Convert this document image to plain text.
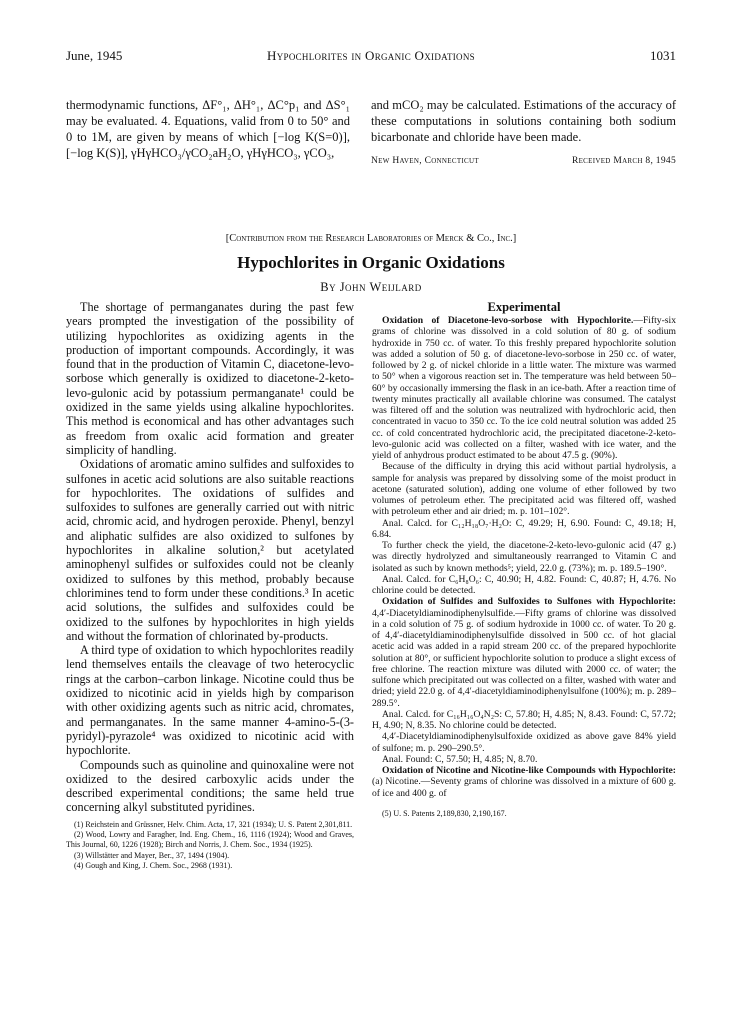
June, 1945	Hypochlorites in Organic Oxidations	1031
thermodynamic functions, ΔF°₁, ΔH°₁, ΔC°p₁ and ΔS°₁ may be evaluated. 4. Equations, valid from 0 to 50° and 0 to 1M, are given by means of which [−log K(S=0)], [−log K(S)], γHγHCO₃/γCO₂aH₂O, γHγHCO₃, γCO₃,
and mCO₂ may be calculated. Estimations of the accuracy of these computations in solutions containing both sodium bicarbonate and chloride have been made.
New Haven, Connecticut	Received March 8, 1945
[Contribution from the Research Laboratories of Merck & Co., Inc.]
Hypochlorites in Organic Oxidations
By John Weijlard

The shortage of permanganates during the past few years prompted the investigation of the possibility of utilizing hypochlorites as oxidizing agents in the production of important compounds. Accordingly, it was found that in the production of Vitamin C, diacetone-levo-sorbose which generally is oxidized to diacetone-2-keto-levo-gulonic acid by potassium permanganate¹ could be oxidized in the same yields using alkaline hypochlorites. This method is economical and has other advantages such as freedom from oxalic acid formation and greater simplicity of handling.

Oxidations of aromatic amino sulfides and sulfoxides to sulfones in acetic acid solutions are also suitable reactions for hypochlorites. The oxidations of sulfides and sulfoxides to sulfones are generally carried out with nitric acid, chromic acid, and hydrogen peroxide. Phenyl, benzyl and aliphatic sulfides are also oxidized to sulfones by hypochlorites in alkaline solution,² but acetylated aminophenyl sulfides or sulfoxides could not be cleanly oxidized to sulfones by this method, probably because chlorimines tend to form under these conditions.³ In acetic acid solutions, the sulfides and sulfoxides could be oxidized to the sulfones by hypochlorites in high yields and without the formation of chlorinated by-products.

A third type of oxidation to which hypochlorites readily lend themselves entails the cleavage of two heterocyclic rings at the carbon–carbon linkage. Nicotine could thus be oxidized to nicotinic acid in yields high by comparison with other oxidizing agents such as nitric acid, chromates, and permanganates. In the same manner 4-amino-5-(3-pyridyl)-pyrazole⁴ was oxidized to nicotinic acid with hypochlorite.

Compounds such as quinoline and quinoxaline were not oxidized to the desired carboxylic acids under the described experimental conditions; the same held true concerning alkyl substituted pyridines.

(1) Reichstein and Grüssner, Helv. Chim. Acta, 17, 321 (1934); U. S. Patent 2,301,811.
(2) Wood, Lowry and Faragher, Ind. Eng. Chem., 16, 1116 (1924); Wood and Graves, This Journal, 60, 1226 (1928); Birch and Norris, J. Chem. Soc., 1934 (1925).
(3) Willstätter and Mayer, Ber., 37, 1494 (1904).
(4) Gough and King, J. Chem. Soc., 2968 (1931).
Experimental

Oxidation of Diacetone-levo-sorbose with Hypochlorite.—Fifty-six grams of chlorine was dissolved in a cold solution of 80 g. of sodium hydroxide in 750 cc. of water. To this freshly prepared hypochlorite solution was added a solution of 50 g. of diacetone-levo-sorbose in 250 cc. of water, followed by 2 g. of nickel chloride in a little water. The mixture was warmed to 50° when a vigorous reaction set in. The temperature was held between 50–60° by occasionally immersing the flask in an ice-bath. After a reaction time of twenty minutes practically all available chlorine was consumed. The catalyst was filtered off and the solution was neutralized with hydrochloric acid, then concentrated in vacuo to 350 cc. To the ice cold neutral solution was added 25 cc. of cold concentrated hydrochloric acid, the precipitated diacetone-2-keto-levo-gulonic acid was collected on a filter, washed with ice water, and the yield of anhydrous product estimated to be about 47.5 g. (90%).

Because of the difficulty in drying this acid without partial hydrolysis, a sample for analysis was prepared by dissolving some of the moist product in acetone (saturated solution), adding one volume of ether followed by two volumes of petroleum ether. The precipitated acid was filtered off, washed with petroleum ether and air dried; m. p. 101–102°.

Anal. Calcd. for C₁₂H₁₈O₇·H₂O: C, 49.29; H, 6.90. Found: C, 49.18; H, 6.84.

To further check the yield, the diacetone-2-keto-levo-gulonic acid (47 g.) was directly hydrolyzed and simultaneously rearranged to Vitamin C and isolated as such by known methods⁵; yield, 22.0 g. (73%); m. p. 189.5–190°.

Anal. Calcd. for C₆H₈O₆: C, 40.90; H, 4.82. Found: C, 40.87; H, 4.76. No chlorine could be detected.

Oxidation of Sulfides and Sulfoxides to Sulfones with Hypochlorite: 4,4′-Diacetyldiaminodiphenylsulfide.—Fifty grams of chlorine was dissolved in a cold solution of 75 g. of sodium hydroxide in 1000 cc. of water. To 20 g. of 4,4′-diacetyldiaminodiphenylsulfide dissolved in 500 cc. of hot glacial acetic acid was added in a rapid stream 200 cc. of the prepared hypochlorite solution at 80°, or sufficient hypochlorite solution to produce a slight excess of free chlorine. The reaction mixture was diluted with 2000 cc. of water; the sulfone which precipitated out was collected on a filter, washed with water and dried; yield 22.0 g. of 4,4′-diacetyldiaminodiphenylsulfone (100%); m. p. 289–289.5°.

Anal. Calcd. for C₁₆H₁₆O₄N₂S: C, 57.80; H, 4.85; N, 8.43. Found: C, 57.72; H, 4.90; N, 8.35. No chlorine could be detected.

4,4′-Diacetyldiaminodiphenylsulfoxide oxidized as above gave 84% yield of sulfone; m. p. 290–290.5°.

Anal. Found: C, 57.50; H, 4.85; N, 8.70.

Oxidation of Nicotine and Nicotine-like Compounds with Hypochlorite: (a) Nicotine.—Seventy grams of chlorine was dissolved in a mixture of 600 g. of ice and 400 g. of

(5) U. S. Patents 2,189,830, 2,190,167.
